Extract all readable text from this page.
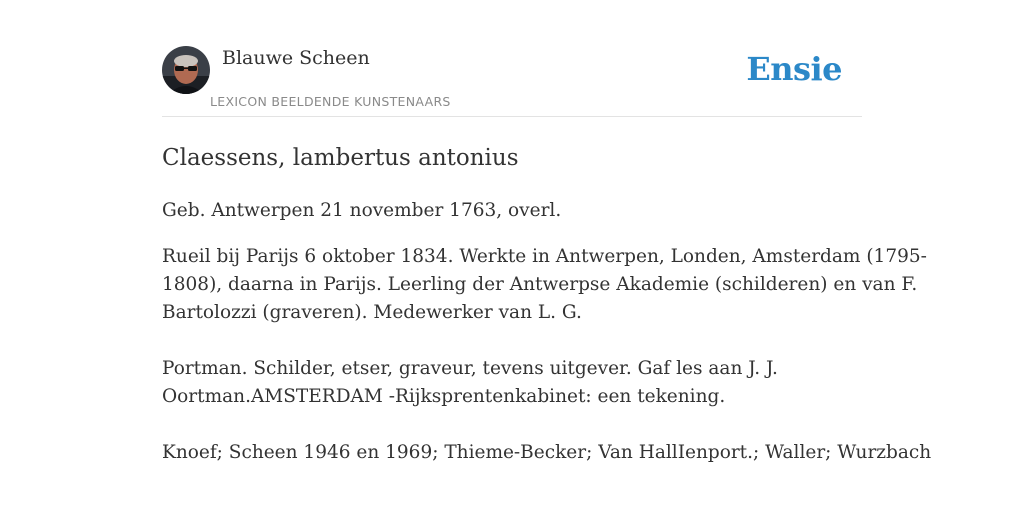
Blauwe Scheen
LEXICON BEELDENDE KUNSTENAARS
Ensie
Claessens, lambertus antonius

Geb. Antwerpen 21 november 1763, overl.

Rueil bij Parijs 6 oktober 1834. Werkte in Antwerpen, Londen, Amsterdam (1795-
1808), daarna in Parijs. Leerling der Antwerpse Akademie (schilderen) en van F.
Bartolozzi (graveren). Medewerker van L. G.

Portman. Schilder, etser, graveur, tevens uitgever. Gaf les aan J. J.
Oortman.AMSTERDAM -Rijksprentenkabinet: een tekening.

Knoef; Scheen 1946 en 1969; Thieme-Becker; Van HallIenport.; Waller; Wurzbach
